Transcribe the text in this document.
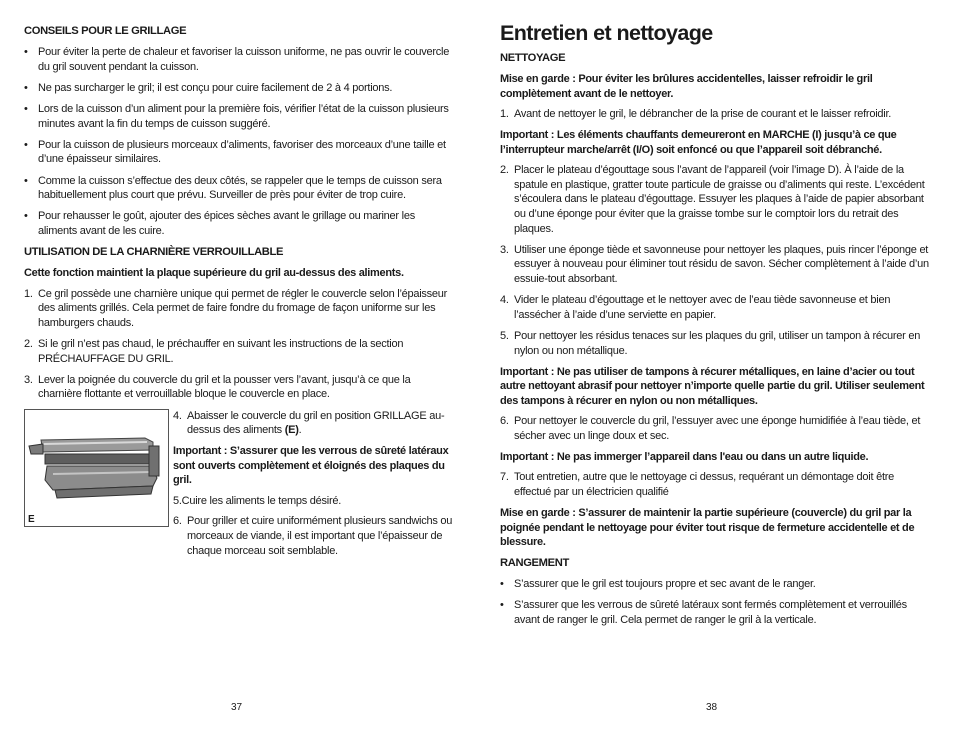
CONSEILS POUR LE GRILLAGE
• Pour éviter la perte de chaleur et favoriser la cuisson uniforme, ne pas ouvrir le couvercle du gril souvent pendant la cuisson.
• Ne pas surcharger le gril; il est conçu pour cuire facilement de 2 à 4 portions.
• Lors de la cuisson d’un aliment pour la première fois, vérifier l’état de la cuisson plusieurs minutes avant la fin du temps de cuisson suggéré.
• Pour la cuisson de plusieurs morceaux d’aliments, favoriser des morceaux d’une taille et d’une épaisseur similaires.
• Comme la cuisson s’effectue des deux côtés, se rappeler que le temps de cuisson sera habituellement plus court que prévu. Surveiller de près pour éviter de trop cuire.
• Pour rehausser le goût, ajouter des épices sèches avant le grillage ou mariner les aliments avant de les cuire.
UTILISATION DE LA CHARNIÈRE VERROUILLABLE
Cette fonction maintient la plaque supérieure du gril au-dessus des aliments.
1. Ce gril possède une charnière unique qui permet de régler le couvercle selon l’épaisseur des aliments grillés. Cela permet de faire fondre du fromage de façon uniforme sur les hamburgers chauds.
2. Si le gril n’est pas chaud, le préchauffer en suivant les instructions de la section PRÉCHAUFFAGE DU GRIL.
3. Lever la poignée du couvercle du gril et la pousser vers l’avant, jusqu’à ce que la charnière flottante et verrouillable bloque le couvercle en place.
E
4. Abaisser le couvercle du gril en position GRILLAGE au-dessus des aliments (E).
Important : S’assurer que les verrous de sûreté latéraux sont ouverts complètement et éloignés des plaques du gril.
5.Cuire les aliments le temps désiré.
6. Pour griller et cuire uniformément plusieurs sandwichs ou morceaux de viande, il est important que l’épaisseur de chaque morceau soit semblable.
37
Entretien et nettoyage
NETTOYAGE
Mise en garde : Pour éviter les brûlures accidentelles, laisser refroidir le gril complètement avant de le nettoyer.
1. Avant de nettoyer le gril, le débrancher de la prise de courant et le laisser refroidir.
Important : Les éléments chauffants demeureront en MARCHE (I) jusqu’à ce que l’interrupteur marche/arrêt (I/O) soit enfoncé ou que l’appareil soit débranché.
2. Placer le plateau d’égouttage sous l’avant de l’appareil (voir l’image D). À l’aide de la spatule en plastique, gratter toute particule de graisse ou d’aliments qui reste. L’excédent s’écoulera dans le plateau d’égouttage. Essuyer les plaques à l’aide de papier absorbant ou d’une éponge pour éviter que la graisse tombe sur le comptoir lors du retrait des plaques.
3. Utiliser une éponge tiède et savonneuse pour nettoyer les plaques, puis rincer l’éponge et essuyer à nouveau pour éliminer tout résidu de savon. Sécher complètement à l’aide d’un essuie-tout absorbant.
4. Vider le plateau d’égouttage et le nettoyer avec de l’eau tiède savonneuse et bien l’assécher à l’aide d’une serviette en papier.
5. Pour nettoyer les résidus tenaces sur les plaques du gril, utiliser un tampon à récurer en nylon ou non métallique.
Important : Ne pas utiliser de tampons à récurer métalliques, en laine d’acier ou tout autre nettoyant abrasif pour nettoyer n’importe quelle partie du gril. Utiliser seulement des tampons à récurer en nylon ou non métalliques.
6. Pour nettoyer le couvercle du gril, l’essuyer avec une éponge humidifiée à l’eau tiède, et sécher avec un linge doux et sec.
Important : Ne pas immerger l’appareil dans l'eau ou dans un autre liquide.
7. Tout entretien, autre que le nettoyage ci dessus, requérant un démontage doit être effectué par un électricien qualifié
Mise en garde : S’assurer de maintenir la partie supérieure (couvercle) du gril par la poignée pendant le nettoyage pour éviter tout risque de fermeture accidentelle et de blessure.
RANGEMENT
• S’assurer que le gril est toujours propre et sec avant de le ranger.
• S’assurer que les verrous de sûreté latéraux sont fermés complètement et verrouillés avant de ranger le gril. Cela permet de ranger le gril à la verticale.
38
